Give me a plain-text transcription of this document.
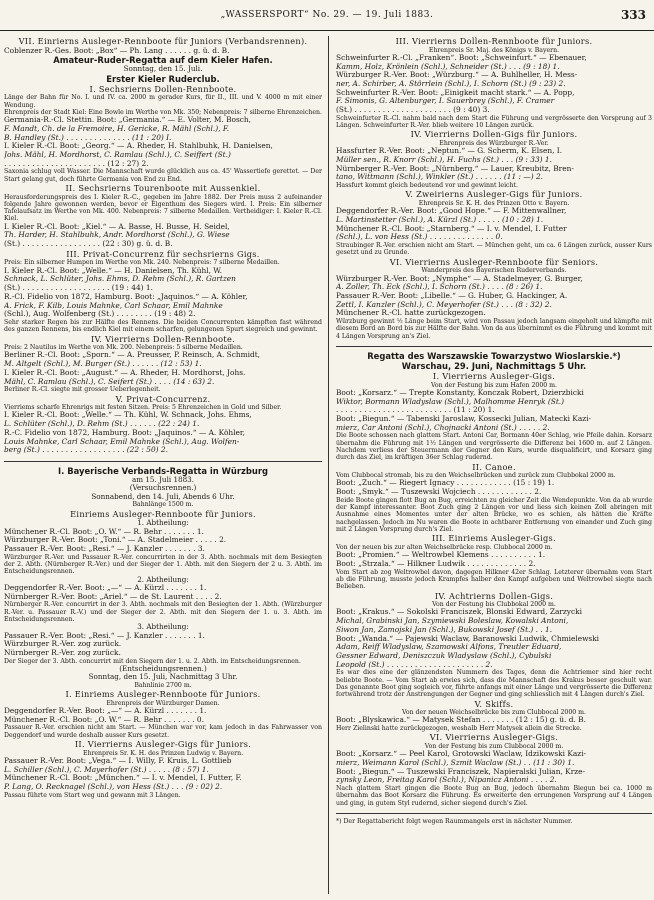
„WASSERSPORT“ No. 29. — 19. Juli 1883.	333

VII. Einrierns Ausleger-Rennboote für Juniors (Verbandsrennen).

Coblenzer R.-Ges. Boot: „Box“ — Ph. Lang . . . . . . g. ü. d. B.

Amateur-Ruder-Regatta auf dem Kieler Hafen.

Sonntag, den 15. Juli.

Erster Kieler Ruderclub.

I. Sechsrierns Dollen-Rennboote.

Länge der Bahn für No. I. und IV. ca. 2000 m gerader Kurs, für II., III. und V. 4000 m mit einer Wendung.

Ehrenpreis der Stadt Kiel: Eine Bowle im Werthe von Mk. 350; Nebenpreis: 7 silberne Ehrenzeichen.

Germania-R.-Cl. Stettin. Boot: „Germania.“ — E. Volter, M. Bosch,

F. Mandt, Ch. de la Fremoire, H. Gericke, R. Mähl (Schl.), F.

B. Handley (St.) . . . . . . . . . . . . . . (11 : 20) I.

I. Kieler R.-Cl. Boot: „Georg.“ — A. Rheder, H. Stahlbuhk, H. Danielsen,

Johs. Mähl, H. Mordhorst, C. Ramlau (Schl.), C. Seiffert (St.)

. . . . . . . . . . . . . . . . . . . . . . (12 : 27) 2.

Saxonia schlug voll Wasser. Die Mannschaft wurde glücklich aus ca. 45' Wassertiefe gerettet. — Der Start gelang gut, doch führte Germania von End zu End.

II. Sechsrierns Tourenboote mit Aussenkiel.

Herausforderungspreis des I. Kieler R.-C., gegeben im Jahre 1882. Der Preis muss 2 aufeinander folgende Jahre gewonnen werden, bevor er Eigenthum des Siegers wird. I. Preis: Ein silberner Tafelaufsatz im Werthe von Mk. 400. Nebenpreis: 7 silberne Medaillen. Vertheidiger: I. Kieler R.-Cl. Kiel.

I. Kieler R.-Cl. Boot: „Kiel.“ — A. Basse, H. Busse, H. Seidel,

Th. Harder, H. Stahlbuhk, Andr. Mordhorst (Schl.), G. Wiese

(St.) . . . . . . . . . . . . . . . . . (22 : 30) g. ü. d. B.

III. Privat-Concurrenz für sechsrierns Gigs.

Preis: Ein silberner Humpen im Werthe von Mk. 240. Nebenpreis: 7 silberne Medaillen.

I. Kieler R.-Cl. Boot: „Welle.“ — H. Danielsen, Th. Kühl, W.

Schnack, L. Schlüter, Johs. Ehms, D. Rehm (Schl.), R. Gartzen

(St.) . . . . . . . . . . . . . . . . . . . (19 : 44) 1.

R.-Cl. Fidelio von 1872, Hamburg. Boot: „Jaquinos.“ — A. Köhler,

A. Frick, F. Kilb, Louis Mahnke, Carl Schaar, Emil Mahnke

(Schl.), Aug. Wolfenberg (St.) . . . . . . . . (19 : 48) 2.

Sehr starker Regen bis zur Hälfte des Rennens. Die beiden Concurrenten kämpften fast während des ganzen Rennens, bis endlich Kiel mit einem scharfen, gelungenen Spurt siegreich und gewinnt.

IV. Vierrierns Dollen-Rennboote.

Preis: 2 Nautilus im Werthe von Mk. 200. Nebenpreis: 5 silberne Medaillen.

Berliner R.-Cl. Boot: „Sporn.“ — A. Preusser, P. Reinsch, A. Schmidt,

M. Altgelt (Schl.), M. Burger (St.) . . . . . . (12 : 53) 1.

I. Kieler R.-Cl. Boot: „August.“ — A. Rheder, H. Mordhorst, Johs.

Mähl, C. Ramlau (Schl.), C. Seifert (St.) . . . . (14 : 63) 2.

Berliner R.-Cl. siegte mit grosser Ueberlegenheit.

V. Privat-Concurrenz.

Vierriems scharfe Ehrenrigs mit festen Sitzen. Preis: 5 Ehrenzeichen in Gold und Silber.

I. Kieler R.-Cl. Boot: „Welle.“ — Th. Kühl, W. Schnack, Johs. Ehms,

L. Schlüter (Schl.), D. Rehm (St.) . . . . . . (22 : 24) 1.

R.-C. Fidelio von 1872, Hamburg. Boot: „Jaquinos.“ — A. Köhler,

Louis Mahnke, Carl Schaar, Emil Mahnke (Schl.), Aug. Wolfen-

berg (St.) . . . . . . . . . . . . . . . . . . (22 : 50) 2.

I. Bayerische Verbands-Regatta in Würzburg

am 15. Juli 1883.

(Versuchsrennen.)

Sonnabend, den 14. Juli, Abends 6 Uhr.

Bahnlänge 1500 m.

Einriems Ausleger-Rennboote für Juniors.

1. Abtheilung:

Münchener R.-Cl. Boot: „O. W.“ — R. Behr . . . . . . . 1.

Würzburger R.-Ver. Boot: „Toni.“ — A. Stadelmeier . . . . . 2.

Passauer R.-Ver. Boot: „Resi.“ — J. Kanzler . . . . . . . 3.

Würzburger R.-Ver. und Passauer R.-Ver. concurrirten in der 3. Abth. nochmals mit dem Besiegten der 2. Abth. (Nürnberger R.-Ver.) und der Sieger der 1. Abth. mit den Siegern der 2 u. 3. Abth. im Entscheidungsrennen.

2. Abtheilung:

Deggendorfer R.-Ver. Boot: „—“ — A. Kürzl . . . . . . . 1.

Nürnberger R.-Ver. Boot: „Ariel.“ — de St. Laurent . . . . 2.

Nürnberger R.-Ver. concurrirt in der 3. Abth. nochmals mit den Besiegten der 1. Abth. (Würzburger R.-Ver. u. Passauer R.-V.) und der Sieger der 2. Abth. mit den Siegern der 1. u. 3. Abth. im Entscheidungsrennen.

3. Abtheilung:

Passauer R.-Ver. Boot: „Resi.“ — J. Kanzler . . . . . . . 1.

Würzburger R.-Ver. zog zurück.

Nürnberger R.-Ver. zog zurück.

Der Sieger der 3. Abth. concurrirt mit den Siegern der 1. u. 2. Abth. im Entscheidungsrennen.

(Entscheidungsrennen.)

Sonntag, den 15. Juli, Nachmittag 3 Uhr.

Bahnlinie 2700 m.

I. Einriems Ausleger-Rennboote für Juniors.

Ehrenpreis der Würzburger Damen.

Deggendorfer R.-Ver. Boot: „—“ — A. Kürzl . . . . . . . 1.

Münchener R.-Cl. Boot: „O. W.“ — R. Behr . . . . . . . 0.

Passauer R.-Ver. erschien nicht am Start. — München war vor, kam jedoch in das Fahrwasser von Deggendorf und wurde deshalb ausser Kurs gesetzt.

II. Vierrierns Ausleger-Gigs für Juniors.

Ehrenpreis Sr. K. H. des Prinzen Ludwig v. Bayern.

Passauer R.-Ver. Boot: „Vega.“ — I. Willy, F. Kruis, L. Gottlieb

L. Schiller (Schl.), C. Mayerhofer (St.) . . . . . (8 : 57) 1.

Münchener R.-Cl. Boot: „München.“ — I. v. Mendel, I. Futter, F.

P. Lang, O. Recknagel (Schl.), von Hess (St.) . . . (9 : 02) 2.

Passau führte vom Start weg und gewann mit 3 Längen.

III. Vierrierns Dollen-Rennboote für Juniors.

Ehrenpreis Sr. Maj. des Königs v. Bayern.

Schweinfurter R.-Cl. „Franken“. Boot: „Schweinfurt.“ — Ebenauer,

Kamm, Holz, Krönlein (Schl.), Schneider (St.) . . . (9 : 18) 1.

Würzburger R.-Ver. Boot: „Würzburg.“ — A. Buhlheller, H. Mess-

ner, A. Schirber, A. Störrlein (Schl.), I. Schorn (St.) (9 : 23) 2.

Schweinfurter R.-Ver. Boot: „Einigkeit macht stark.“ — A. Popp,

F. Simonis, G. Altenburger, I. Sauerbrey (Schl.), F. Cramer

(St.) . . . . . . . . . . . . . . . . . . . . . (9 : 40) 3.

Schweinfurter R.-Cl. nahm bald nach dem Start die Führung und vergrösserte den Vorsprung auf 3 Längen. Schweinfurter R.-Ver. blieb weitere 10 Längen zurück.

IV. Vierrierns Dollen-Gigs für Juniors.

Ehrenpreis des Würzburger R.-Ver.

Hassfurter R.-Ver. Boot: „Neptun.“ — G. Scherm, K. Elsen, I.

Müller sen., R. Knorr (Schl.), H. Fuchs (St.) . . . (9 : 33) 1.

Nürnberger R.-Ver. Boot: „Nürnberg.“ — Lauer, Kreubitz, Bren-

tano, Wittmann (Schl.), Winkler (St.) . . . . . . (11 : —) 2.

Hassfurt kommt gleich bedeutend vor und gewinnt leicht.

V. Zweirierns Ausleger-Gigs für Juniors.

Ehrenpreis Sr. K. H. des Prinzen Otto v. Bayern.

Deggendorfer R.-Ver. Boot: „Good Hope.“ — F. Mittenwallner,

L. Martinstetter (Schl.), A. Kürzl (St.) . . . . . (10 : 28) 1.

Münchener R.-Cl. Boot: „Starnberg.“ — I. v. Mendel, I. Futter

(Schl.), L. von Hess (St.) . . . . . . . . . . . . . . 0.

Straubinger R.-Ver. erschien nicht am Start. — München geht, um ca. 6 Längen zurück, ausser Kurs gesetzt und zu Grunde.

VI. Vierrierns Ausleger-Rennboote für Seniors.

Wanderpreis des Bayerischen Ruderverbands.

Würzburger R.-Ver. Boot: „Nymphe“ — A. Stadelmeyer, G. Burger,

A. Zoller, Th. Eck (Schl.), I. Schorn (St.) . . . . (8 : 26) 1.

Passauer R.-Ver. Boot: „Libelle.“ — G. Huber, G. Hackinger, A.

Zettl, I. Kanzler (Schl.), C. Meyerhofer (St.) . . . (8 : 32) 2.

Münchener R.-Cl. hatte zurückgezogen.

Würzburg gewinnt ½ Länge beim Start, wird von Passau jedoch langsam eingeholt und kämpfte mit diesem Bord an Bord bis zur Hälfte der Bahn. Von da aus übernimmt es die Führung und kommt mit 4 Längen Vorsprung an's Ziel.

Regatta des Warszawskie Towarzystwo Wioslarskie.*)

Warschau, 29. Juni, Nachmittags 5 Uhr.

I. Vierrierns Ausleger-Gigs.

Von der Festung bis zum Hafen 2000 m.

Boot: „Korsarz.“ — Trepte Konstanty, Konczak Robert, Dzierzbicki

Wiktor, Bormann Wladyslaw (Schl.), Malhomme Henryk (St.)

. . . . . . . . . . . . . . . . . . . . . . . . . (11 : 20) 1.

Boot: „Biegun.“ — Tabenski Jaroslaw, Kossecki Julian, Matecki Kazi-

mierz, Car Antoni (Schl.), Chojnacki Antoni (St.) . . . . . 2.

Die Boote schossen nach glattem Start. Antoni Car, Bormann 40er Schlag, wie Pfeile dahin. Korsarz übernahm die Führung mit 1½ Längen und vergrösserte die Differenz bei 1600 m. auf 2 Längen. Nachdem verliess der Steuermann der Gegner den Kurs, wurde disqualificirt, und Korsarz ging durch das Ziel, im kräftigen 36er Schlag rudernd.

II. Canoe.

Vom Clubbocal stromab, bis zu den Weichselbrücken und zurück zum Clubbokal 2000 m.

Boot: „Zuch.“ — Riegert Ignacy . . . . . . . . . . . . (15 : 19) 1.

Boot: „Smyk.“ — Tuszewski Wojciech . . . . . . . . . . . . 2.

Beide Boote gingen flott Bug an Bug, erreichten zu gleicher Zeit die Wendepunkte. Von da ab wurde der Kampf interessanter. Boot Zuch ging 2 Längen vor und liess sich keinen Zoll abringen mit Ausnahme eines Momentes unter der alten Brücke, wo es schien, als hätten die Kräfte nachgelassen. Jedoch im Nu waren die Boote in achtbarer Entfernung von einander und Zuch ging mit 2 Längen Vorsprung durch's Ziel.

III. Einriems Ausleger-Gigs.

Von der neuen bis zur alten Weichselbrücke resp. Clubbocal 2000 m.

Boot: „Promien.“ — Weltrowbel Klemens . . . . . . . . . . 1.

Boot: „Strzala.“ — Hilkner Ludwik . . . . . . . . . . . . . 2.

Vom Start ab zog Weltrowbel davon, dagegen Hilkner 42er Schlag. Letzterer übernahm vom Start ab die Führung, musste jedoch Krampfes halber den Kampf aufgeben und Weltrowbel siegte nach Belieben.

IV. Achtrierns Dollen-Gigs.

Von der Festung bis Clubbokal 2000 m.

Boot: „Krakus.“ — Sokolski Franciszek, Blonski Edward, Zarzycki

Michal, Grabinski Jan, Szymiewski Boleslaw, Kowalski Antoni,

Siwon Jan, Zamojski Jan (Schl.), Bukowski Josef (St.) . . 1.

Boot: „Wanda.“ — Pajewski Waclaw, Baranowski Ludwik, Chmielewski

Adam, Reiff Wladyslaw, Szamowski Alfons, Treutler Eduard,

Gessner Edward, Deniszczuk Wladyslaw (Schl.), Cybulski

Leopold (St.) . . . . . . . . . . . . . . . . . . . . . 2.

Es war dies eine der glänzendsten Nummern des Tages, denn die Achtriemer sind hier recht beliebte Boote. — Vom Start ab erwies sich, dass die Mannschaft des Krakus besser geschult war. Das genannte Boot ging sogleich vor, führte anfangs mit einer Länge und vergrösserte die Differenz fortwährend trotz der Anstrengungen der Gegner und ging schliesslich mit 4 Längen durch's Ziel.

V. Skiffs.

Von der neuen Weichselbrücke bis zum Clubbocal 2000 m.

Boot: „Blyskawica.“ — Matysek Stefan . . . . . . . (12 : 15) g. ü. d. B.

Herr Zielinski hatte zurückgezogen, weshalb Herr Matysek allein die Strecke.

VI. Vierrierns Ausleger-Gigs.

Von der Festung bis zum Clubbocal 2000 m.

Boot: „Korsarz.“ — Peel Karol, Grotowski Waclaw, Idzikowski Kazi-

mierz, Weimann Karol (Schl.), Szmit Waclaw (St.) . . (11 : 30) 1.

Boot: „Biegun.“ — Tuszewski Franciszek, Napieralski Julian, Krze-

zynsky Leon, Freitag Karol (Schl.), Nipanicz Antoni . . . . 2.

Nach glattem Start gingen die Boote Bug an Bug, jedoch übernahm Biegun bei ca. 1000 m übernahm das Boot Korsarz die Führung. Es erweiterte den errungenen Vorsprung auf 4 Längen und ging, in gutem Styl rudernd, sicher siegend durch's Ziel.

*) Der Regattabericht folgt wegen Raummangels erst in nächster Nummer.
